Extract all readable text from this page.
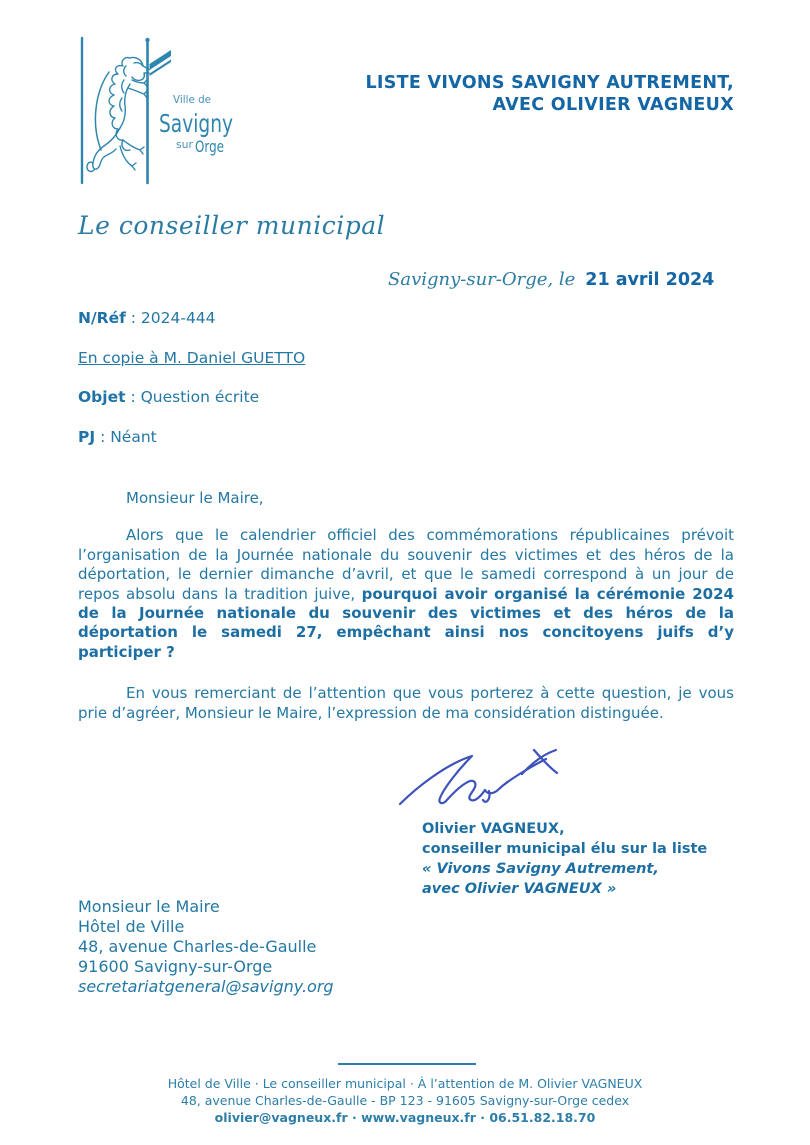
Ville de
Savigny
sur Orge
LISTE VIVONS SAVIGNY AUTREMENT,
AVEC OLIVIER VAGNEUX
Le conseiller municipal
Savigny-sur-Orge, le 21 avril 2024
N/Réf : 2024-444
En copie à M. Daniel GUETTO
Objet : Question écrite
PJ : Néant

Monsieur le Maire,

Alors que le calendrier officiel des commémorations républicaines prévoit l’organisation de la Journée nationale du souvenir des victimes et des héros de la déportation, le dernier dimanche d’avril, et que le samedi correspond à un jour de repos absolu dans la tradition juive, pourquoi avoir organisé la cérémonie 2024 de la Journée nationale du souvenir des victimes et des héros de la déportation le samedi 27, empêchant ainsi nos concitoyens juifs d’y participer ?

En vous remerciant de l’attention que vous porterez à cette question, je vous prie d’agréer, Monsieur le Maire, l’expression de ma considération distinguée.

Olivier VAGNEUX,
conseiller municipal élu sur la liste
« Vivons Savigny Autrement,
avec Olivier VAGNEUX »
Monsieur le Maire
Hôtel de Ville
48, avenue Charles-de-Gaulle
91600 Savigny-sur-Orge
secretariatgeneral@savigny.org
Hôtel de Ville · Le conseiller municipal · À l’attention de M. Olivier VAGNEUX
48, avenue Charles-de-Gaulle - BP 123 - 91605 Savigny-sur-Orge cedex
olivier@vagneux.fr · www.vagneux.fr · 06.51.82.18.70
